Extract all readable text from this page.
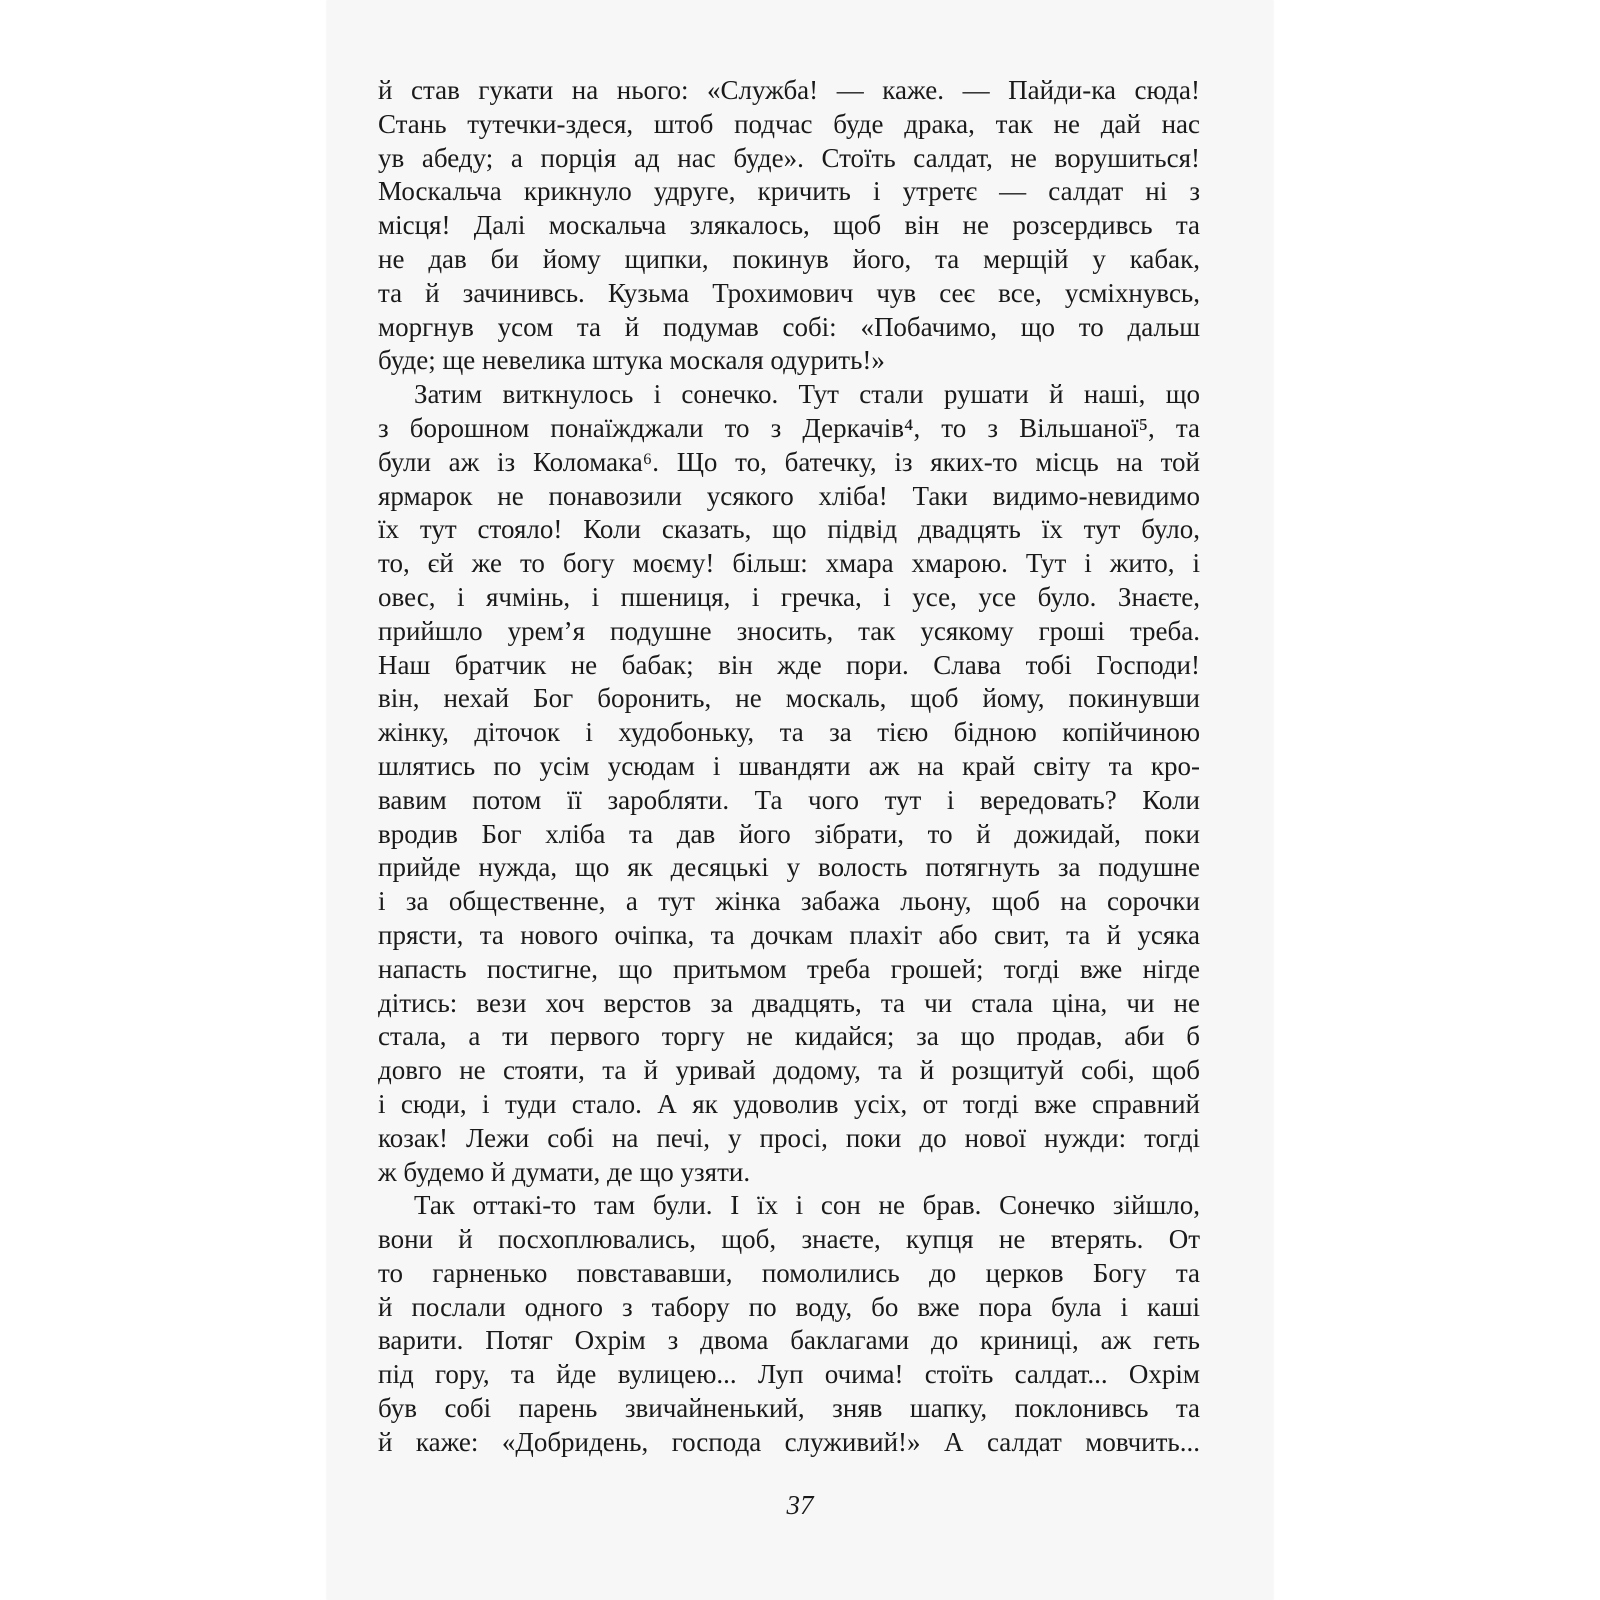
й став гукати на нього: «Служба! — каже. — Пайди-ка сюда!
Стань тутечки-здеся, штоб подчас буде драка, так не дай нас
ув абеду; а порція ад нас буде». Стоїть салдат, не ворушиться!
Москальча крикнуло удруге, кричить і утретє — салдат ні з
місця! Далі москальча злякалось, щоб він не розсердивсь та
не дав би йому щипки, покинув його, та мерщій у кабак,
та й зачинивсь. Кузьма Трохимович чув сеє все, усміхнувсь,
моргнув усом та й подумав собі: «Побачимо, що то дальш
буде; ще невелика штука москаля одурить!»
Затим виткнулось і сонечко. Тут стали рушати й наші, що
з борошном понаїжджали то з Деркачів⁴, то з Вільшаної⁵, та
були аж із Коломака⁶. Що то, батечку, із яких-то місць на той
ярмарок не понавозили усякого хліба! Таки видимо-невидимо
їх тут стояло! Коли сказать, що підвід двадцять їх тут було,
то, єй же то богу моєму! більш: хмара хмарою. Тут і жито, і
овес, і ячмінь, і пшениця, і гречка, і усе, усе було. Знаєте,
прийшло урем’я подушне зносить, так усякому гроші треба.
Наш братчик не бабак; він жде пори. Слава тобі Господи!
він, нехай Бог боронить, не москаль, щоб йому, покинувши
жінку, діточок і худобоньку, та за тією бідною копійчиною
шлятись по усім усюдам і швандяти аж на край світу та кро-
вавим потом її заробляти. Та чого тут і вередовать? Коли
вродив Бог хліба та дав його зібрати, то й дожидай, поки
прийде нужда, що як десяцькі у волость потягнуть за подушне
і за общественне, а тут жінка забажа льону, щоб на сорочки
прясти, та нового очіпка, та дочкам плахіт або свит, та й усяка
напасть постигне, що притьмом треба грошей; тогді вже нігде
дітись: вези хоч верстов за двадцять, та чи стала ціна, чи не
стала, а ти первого торгу не кидайся; за що продав, аби б
довго не стояти, та й уривай додому, та й розщитуй собі, щоб
і сюди, і туди стало. А як удоволив усіх, от тогді вже справний
козак! Лежи собі на печі, у просі, поки до нової нужди: тогді
ж будемо й думати, де що узяти.
Так оттакі-то там були. І їх і сон не брав. Сонечко зійшло,
вони й посхоплювались, щоб, знаєте, купця не втерять. От
то гарненько повстававши, помолились до церков Богу та
й послали одного з табору по воду, бо вже пора була і каші
варити. Потяг Охрім з двома баклагами до криниці, аж геть
під гору, та йде вулицею... Луп очима! стоїть салдат... Охрім
був собі парень звичайненький, зняв шапку, поклонивсь та
й каже: «Добридень, господа служивий!» А салдат мовчить...
37
